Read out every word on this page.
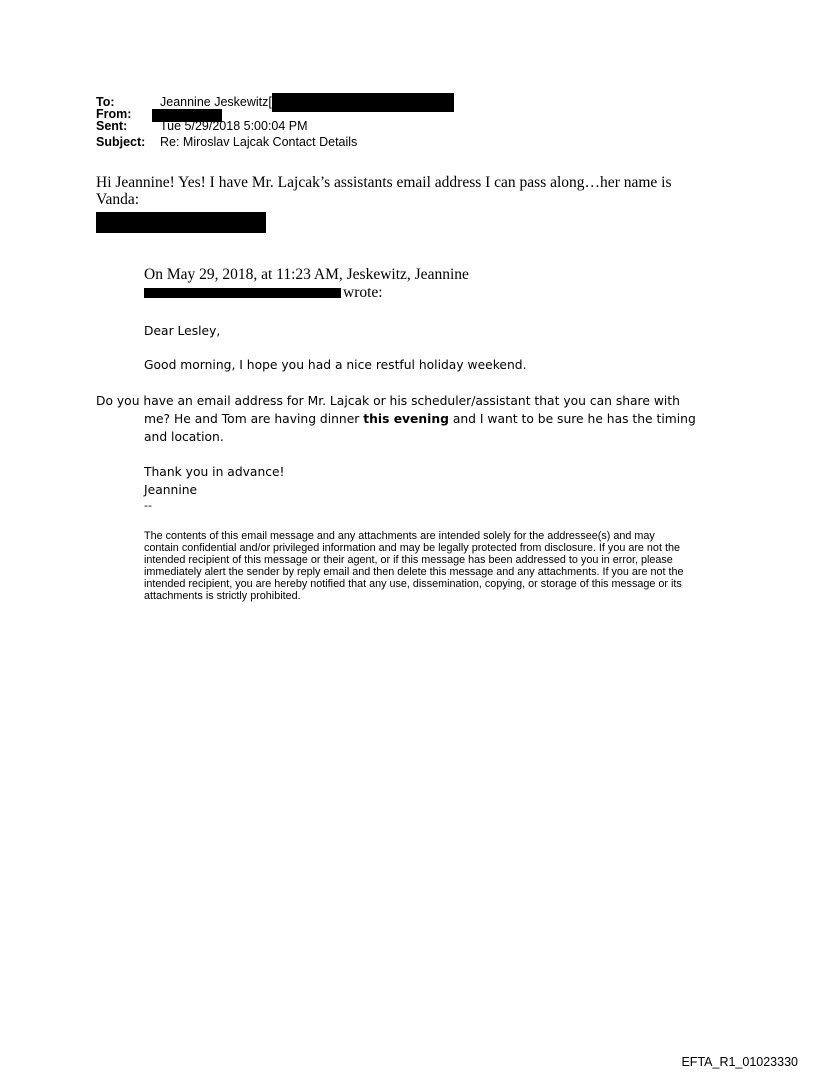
To:	Jeannine Jeskewitz[
From:
Sent:	Tue 5/29/2018 5:00:04 PM
Subject: Re: Miroslav Lajcak Contact Details
Hi Jeannine! Yes! I have Mr. Lajcak’s assistants email address I can pass along…her name is Vanda:
On May 29, 2018, at 11:23 AM, Jeskewitz, Jeannine
wrote:
Dear Lesley,
Good morning, I hope you had a nice restful holiday weekend.
Do you have an email address for Mr. Lajcak or his scheduler/assistant that you can share with
me? He and Tom are having dinner this evening and I want to be sure he has the timing
and location.
Thank you in advance!
Jeannine
--
The contents of this email message and any attachments are intended solely for the addressee(s) and may contain confidential and/or privileged information and may be legally protected from disclosure. If you are not the intended recipient of this message or their agent, or if this message has been addressed to you in error, please immediately alert the sender by reply email and then delete this message and any attachments. If you are not the intended recipient, you are hereby notified that any use, dissemination, copying, or storage of this message or its attachments is strictly prohibited.
EFTA_R1_01023330
